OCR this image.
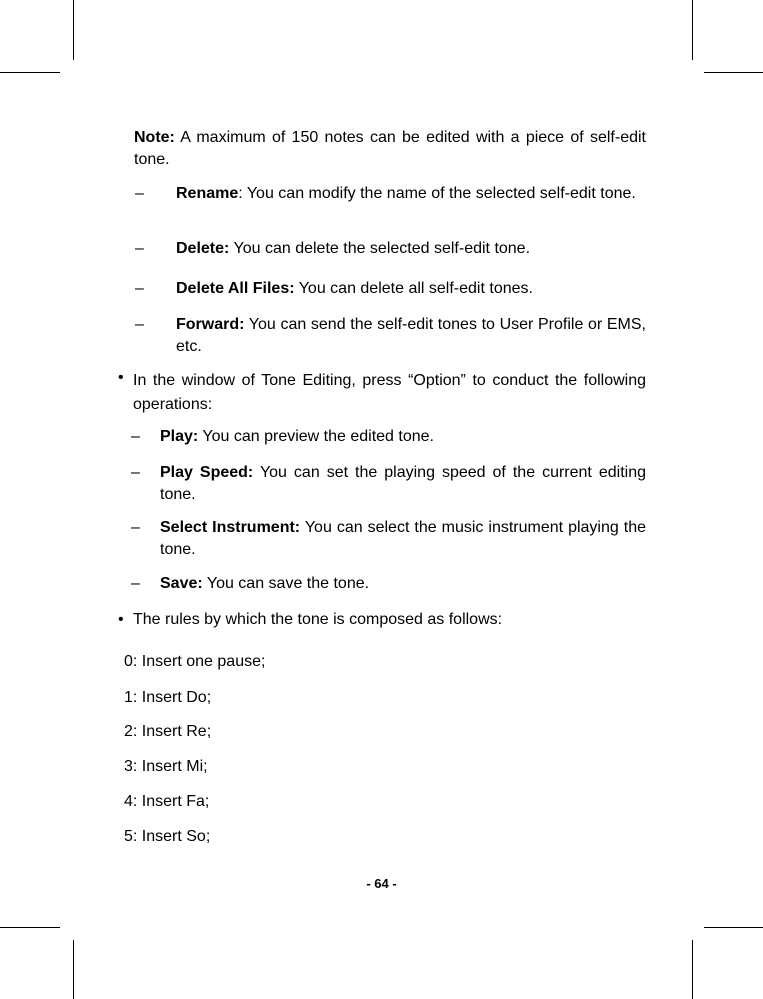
Note: A maximum of 150 notes can be edited with a piece of self-edit tone.
– Rename: You can modify the name of the selected self-edit tone.
– Delete: You can delete the selected self-edit tone.
– Delete All Files: You can delete all self-edit tones.
– Forward: You can send the self-edit tones to User Profile or EMS, etc.
• In the window of Tone Editing, press “Option” to conduct the following operations:
– Play: You can preview the edited tone.
– Play Speed: You can set the playing speed of the current editing tone.
– Select Instrument: You can select the music instrument playing the tone.
– Save: You can save the tone.
• The rules by which the tone is composed as follows:
0: Insert one pause;
1: Insert Do;
2: Insert Re;
3: Insert Mi;
4: Insert Fa;
5: Insert So;
- 64 -
